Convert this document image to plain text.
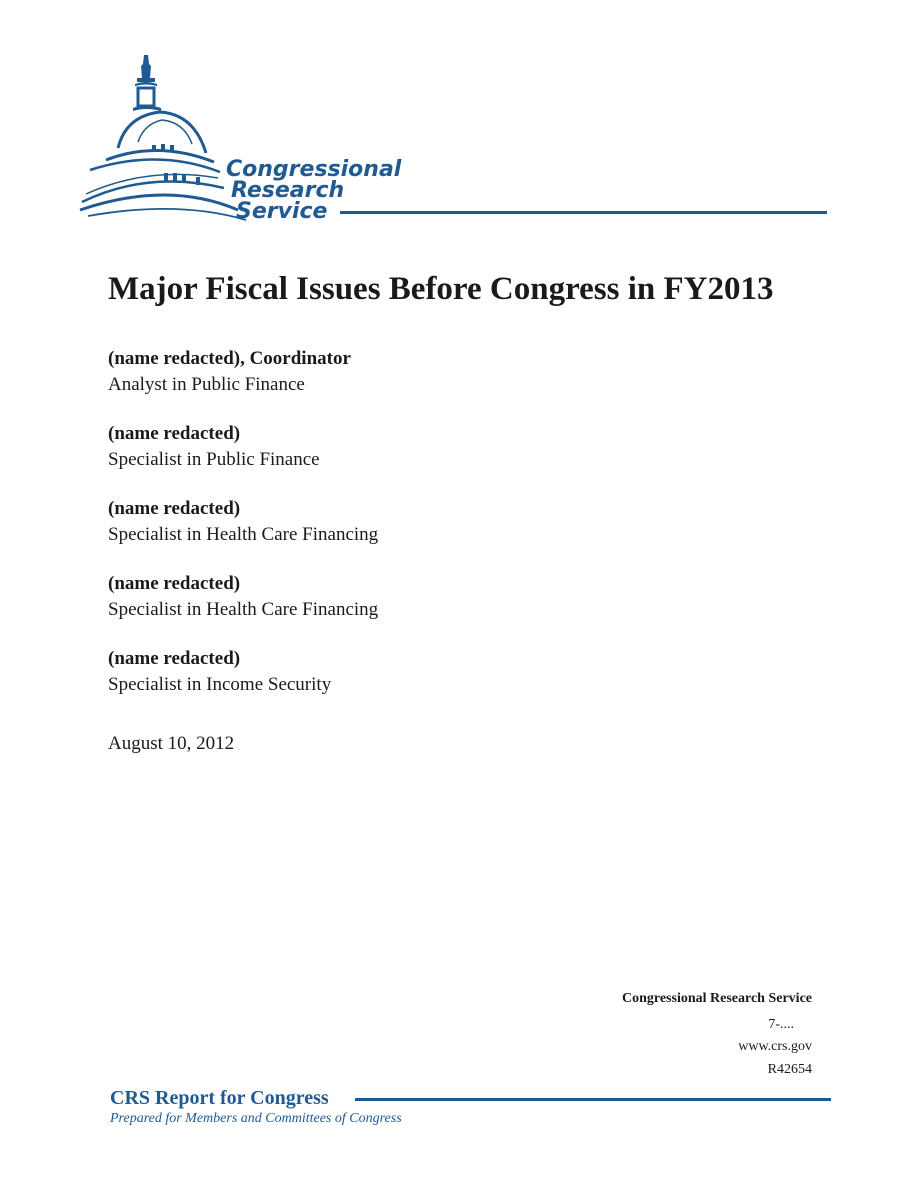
Congressional
Research
Service
Major Fiscal Issues Before Congress in FY2013
(name redacted), Coordinator
Analyst in Public Finance
(name redacted)
Specialist in Public Finance
(name redacted)
Specialist in Health Care Financing
(name redacted)
Specialist in Health Care Financing
(name redacted)
Specialist in Income Security
August 10, 2012
Congressional Research Service
7-....
www.crs.gov
R42654
CRS Report for Congress
Prepared for Members and Committees of Congress
